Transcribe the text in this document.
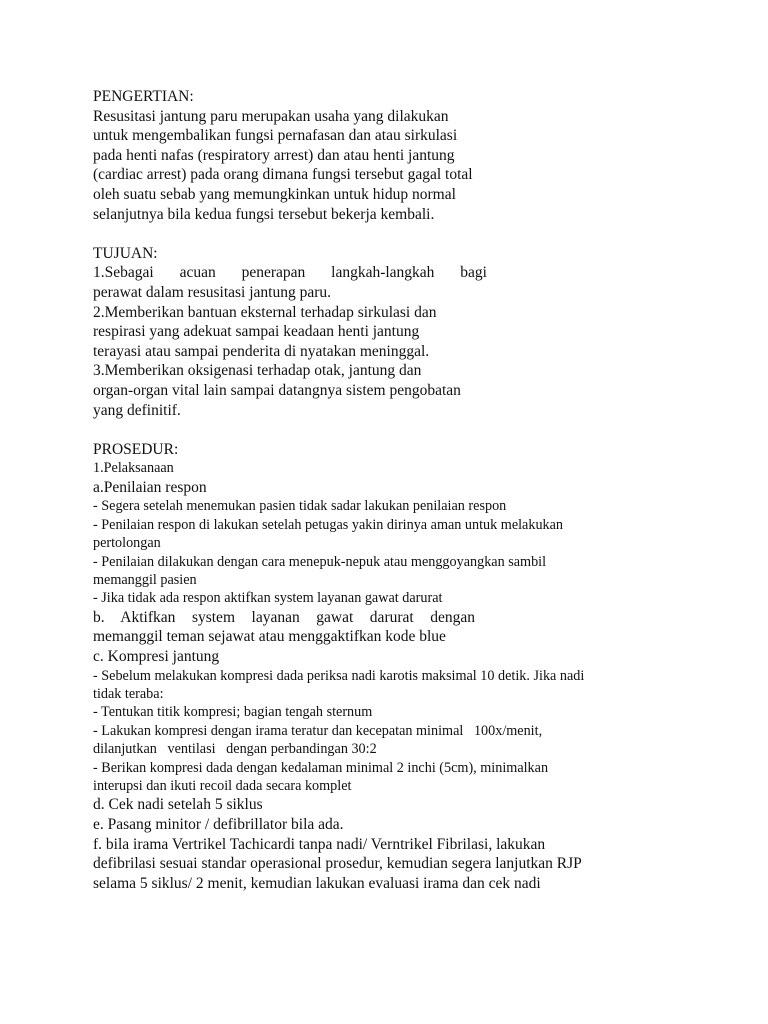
PENGERTIAN:

Resusitasi jantung paru merupakan usaha yang dilakukan

untuk mengembalikan fungsi pernafasan dan atau sirkulasi

pada henti nafas (respiratory arrest) dan atau henti jantung

(cardiac arrest) pada orang dimana fungsi tersebut gagal total

oleh suatu sebab yang memungkinkan untuk hidup normal

selanjutnya bila kedua fungsi tersebut bekerja kembali.

TUJUAN:

1.Sebagai acuan penerapan langkah-langkah bagi

perawat dalam resusitasi jantung paru.

2.Memberikan bantuan eksternal terhadap sirkulasi dan

respirasi yang adekuat sampai keadaan henti jantung

terayasi atau sampai penderita di nyatakan meninggal.

3.Memberikan oksigenasi terhadap otak, jantung dan

organ-organ vital lain sampai datangnya sistem pengobatan

yang definitif.

PROSEDUR:

1.Pelaksanaan

a.Penilaian respon

- Segera setelah menemukan pasien tidak sadar lakukan penilaian respon

- Penilaian respon di lakukan setelah petugas yakin dirinya aman untuk melakukan

pertolongan

- Penilaian dilakukan dengan cara menepuk-nepuk atau menggoyangkan sambil

memanggil pasien

- Jika tidak ada respon aktifkan system layanan gawat darurat

b. Aktifkan system layanan gawat darurat dengan

memanggil teman sejawat atau menggaktifkan kode blue

c. Kompresi jantung

- Sebelum melakukan kompresi dada periksa nadi karotis maksimal 10 detik. Jika nadi

tidak teraba:

- Tentukan titik kompresi; bagian tengah sternum

- Lakukan kompresi dengan irama teratur dan kecepatan minimal   100x/menit,

dilanjutkan   ventilasi   dengan perbandingan 30:2

- Berikan kompresi dada dengan kedalaman minimal 2 inchi (5cm), minimalkan

interupsi dan ikuti recoil dada secara komplet

d. Cek nadi setelah 5 siklus

e. Pasang minitor / defibrillator bila ada.

f. bila irama Vertrikel Tachicardi tanpa nadi/ Verntrikel Fibrilasi, lakukan

defibrilasi sesuai standar operasional prosedur, kemudian segera lanjutkan RJP

selama 5 siklus/ 2 menit, kemudian lakukan evaluasi irama dan cek nadi
